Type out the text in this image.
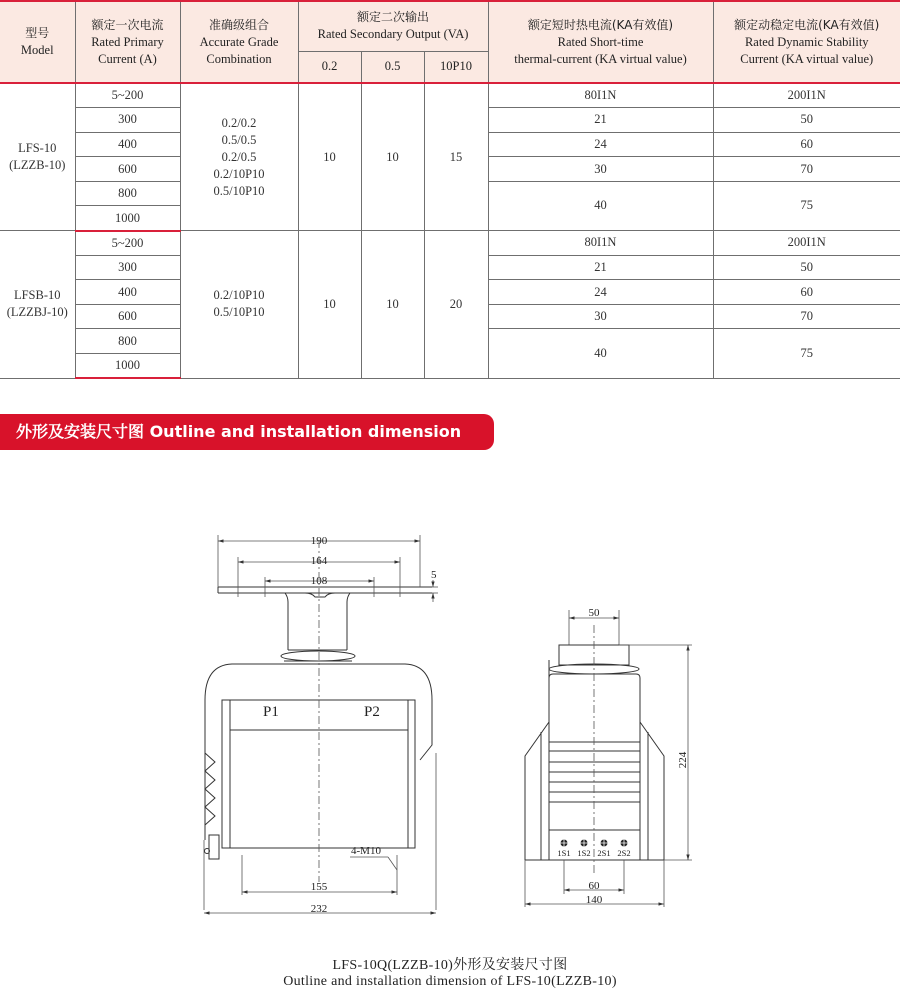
型号
Model	额定一次电流
Rated Primary
Current (A)	准确级组合
Accurate Grade
Combination	额定二次输出
Rated Secondary Output (VA)			额定短时热电流(KA有效值)
Rated Short-time
thermal-current (KA virtual value)	额定动稳定电流(KA有效值)
Rated Dynamic Stability
Current (KA virtual value)

			0.2	0.5	10P10		

LFS-10
(LZZB-10)	5~200	0.2/0.2
0.5/0.5
0.2/0.5
0.2/10P10
0.5/10P10	10	10	15	80I1N	200I1N
	300					21	50
	400					24	60
	600					30	70
	800					40	75
	1000						

LFSB-10
(LZZBJ-10)	5~200	0.2/10P10
0.5/10P10	10	10	20	80I1N	200I1N
	300					21	50
	400					24	60
	600					30	70
	800					40	75
	1000						
外形及安装尺寸图 Outline and installation dimension
190
164
108	5
P1	P2
4-M10
155
232
50
1S1 1S2 2S1 2S2
224
60
140
LFS-10Q(LZZB-10)外形及安装尺寸图
Outline and installation dimension of LFS-10(LZZB-10)
